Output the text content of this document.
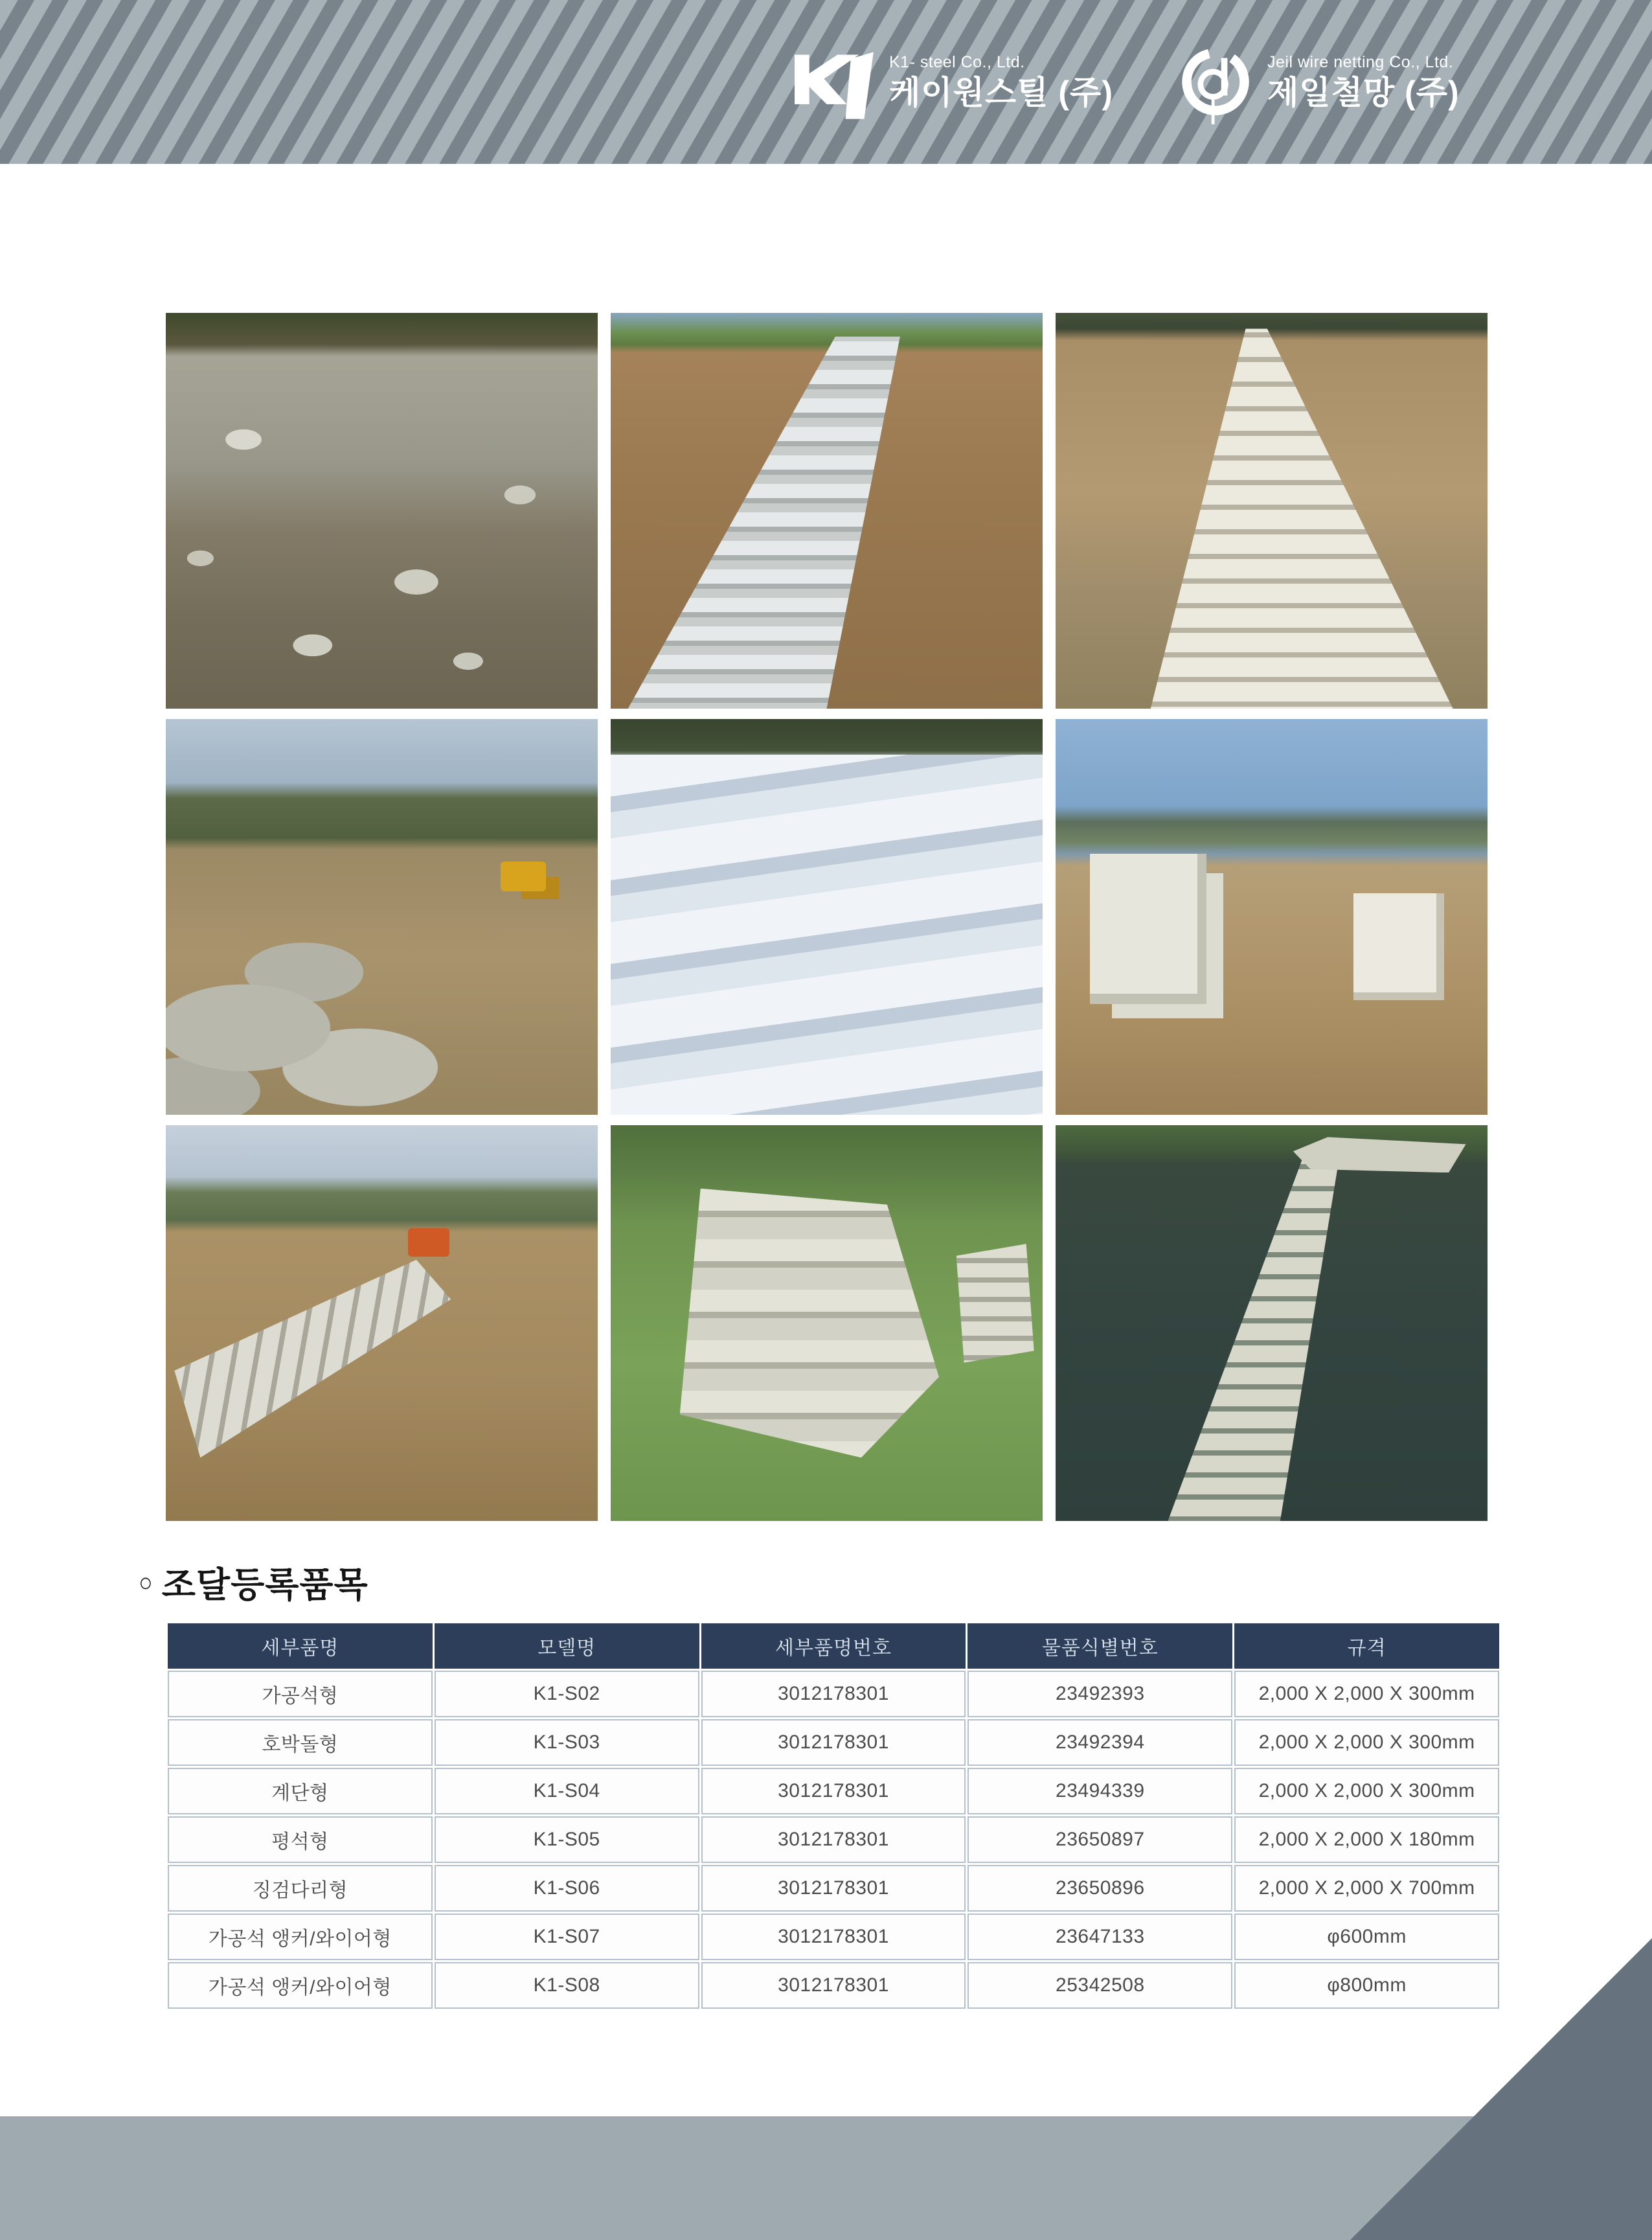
K1- steel Co., Ltd.
케이원스틸 (주)
Jeil wire netting Co., Ltd.
제일철망 (주)
○ 조달등록품목
세부품명	모델명	세부품명번호	물품식별번호	규격
가공석형	K1-S02	3012178301	23492393	2,000 X 2,000 X 300mm
호박돌형	K1-S03	3012178301	23492394	2,000 X 2,000 X 300mm
계단형	K1-S04	3012178301	23494339	2,000 X 2,000 X 300mm
평석형	K1-S05	3012178301	23650897	2,000 X 2,000 X 180mm
징검다리형	K1-S06	3012178301	23650896	2,000 X 2,000 X 700mm
가공석 앵커/와이어형	K1-S07	3012178301	23647133	φ600mm
가공석 앵커/와이어형	K1-S08	3012178301	25342508	φ800mm
